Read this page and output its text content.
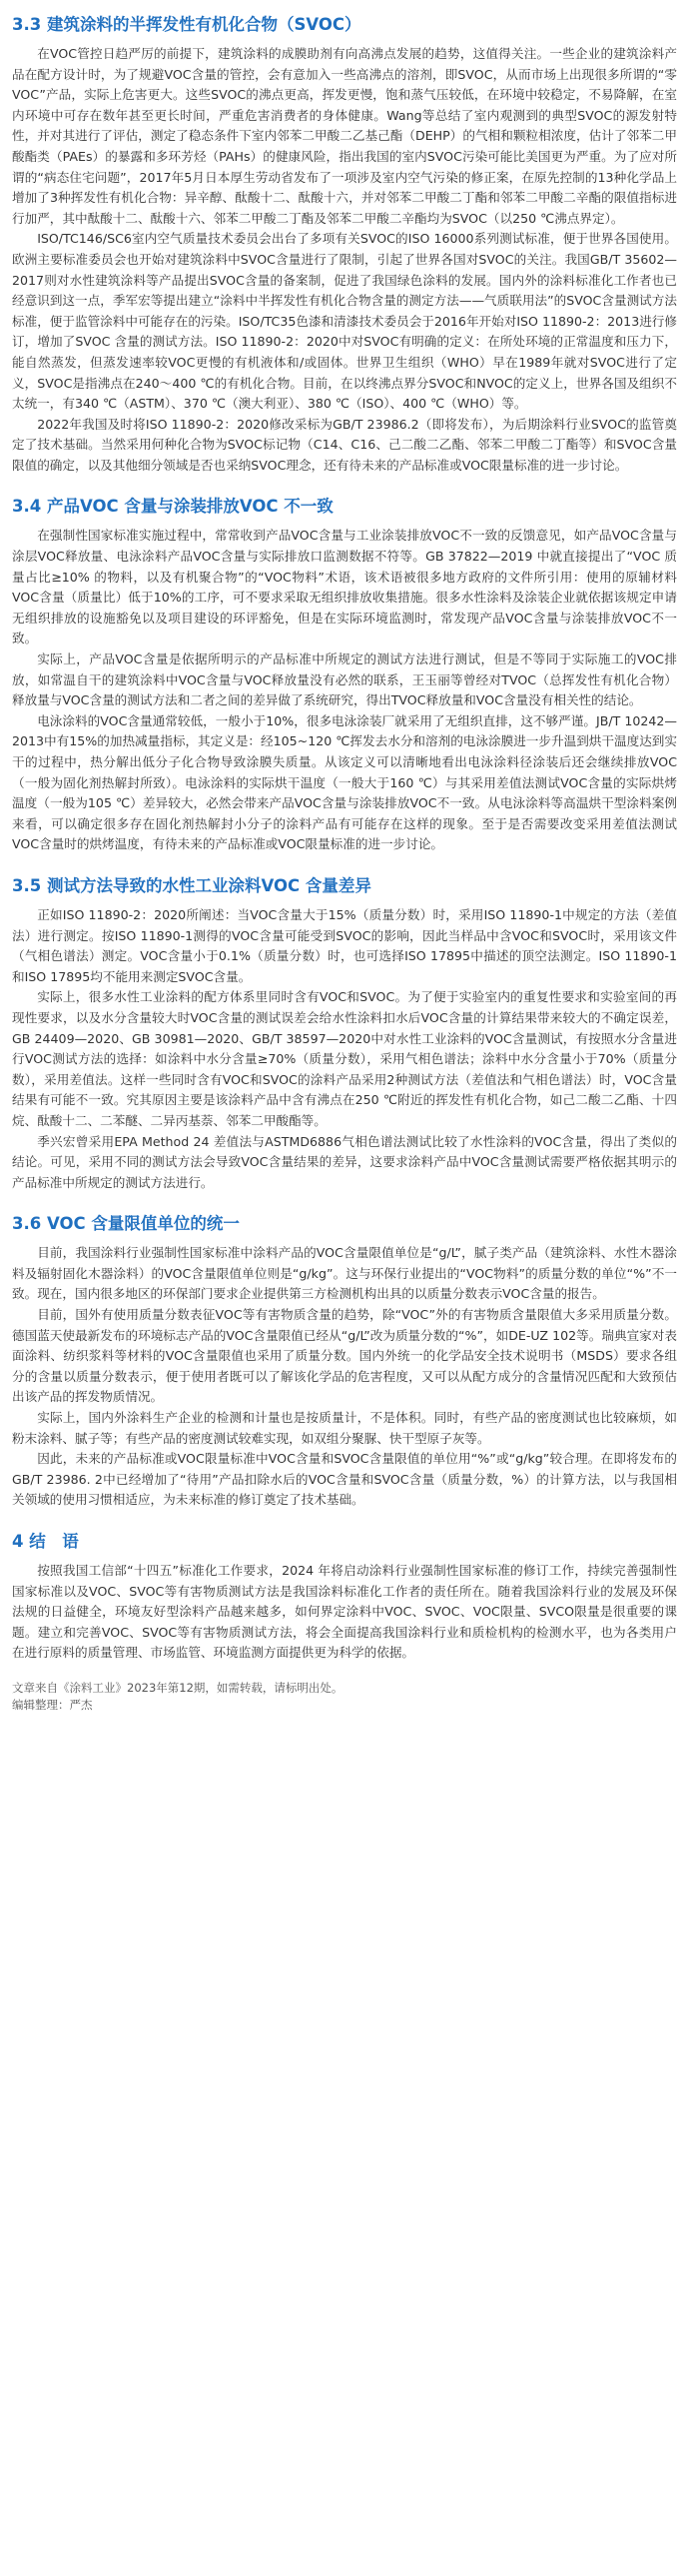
3.3 建筑涂料的半挥发性有机化合物（SVOC）

在VOC管控日趋严厉的前提下，建筑涂料的成膜助剂有向高沸点发展的趋势，这值得关注。一些企业的建筑涂料产品在配方设计时，为了规避VOC含量的管控，会有意加入一些高沸点的溶剂，即SVOC，从而市场上出现很多所谓的“零VOC”产品，实际上危害更大。这些SVOC的沸点更高，挥发更慢，饱和蒸气压较低，在环境中较稳定，不易降解，在室内环境中可存在数年甚至更长时间，严重危害消费者的身体健康。Wang等总结了室内观测到的典型SVOC的源发射特性，并对其进行了评估，测定了稳态条件下室内邻苯二甲酸二乙基己酯（DEHP）的气相和颗粒相浓度，估计了邻苯二甲酸酯类（PAEs）的暴露和多环芳烃（PAHs）的健康风险，指出我国的室内SVOC污染可能比美国更为严重。为了应对所谓的“病态住宅问题”，2017年5月日本厚生劳动省发布了一项涉及室内空气污染的修正案，在原先控制的13种化学品上增加了3种挥发性有机化合物：异辛醇、酞酸十二、酞酸十六，并对邻苯二甲酸二丁酯和邻苯二甲酸二辛酯的限值指标进行加严，其中酞酸十二、酞酸十六、邻苯二甲酸二丁酯及邻苯二甲酸二辛酯均为SVOC（以250 ℃沸点界定）。

ISO/TC146/SC6室内空气质量技术委员会出台了多项有关SVOC的ISO 16000系列测试标准，便于世界各国使用。欧洲主要标准委员会也开始对建筑涂料中SVOC含量进行了限制，引起了世界各国对SVOC的关注。我国GB/T 35602—2017则对水性建筑涂料等产品提出SVOC含量的备案制，促进了我国绿色涂料的发展。国内外的涂料标准化工作者也已经意识到这一点，季军宏等提出建立“涂料中半挥发性有机化合物含量的测定方法——气质联用法”的SVOC含量测试方法标准，便于监管涂料中可能存在的污染。ISO/TC35色漆和清漆技术委员会于2016年开始对ISO 11890-2：2013进行修订，增加了SVOC 含量的测试方法。ISO 11890-2：2020中对SVOC有明确的定义：在所处环境的正常温度和压力下，能自然蒸发，但蒸发速率较VOC更慢的有机液体和/或固体。世界卫生组织（WHO）早在1989年就对SVOC进行了定义，SVOC是指沸点在240～400 ℃的有机化合物。目前，在以终沸点界分SVOC和NVOC的定义上，世界各国及组织不太统一，有340 ℃（ASTM）、370 ℃（澳大利亚）、380 ℃（ISO）、400 ℃（WHO）等。

2022年我国及时将ISO 11890-2：2020修改采标为GB/T 23986.2（即将发布），为后期涂料行业SVOC的监管奠定了技术基础。当然采用何种化合物为SVOC标记物（C14、C16、己二酸二乙酯、邻苯二甲酸二丁酯等）和SVOC含量限值的确定，以及其他细分领域是否也采纳SVOC理念，还有待未来的产品标准或VOC限量标准的进一步讨论。

3.4 产品VOC 含量与涂装排放VOC 不一致

在强制性国家标准实施过程中，常常收到产品VOC含量与工业涂装排放VOC不一致的反馈意见，如产品VOC含量与涂层VOC释放量、电泳涂料产品VOC含量与实际排放口监测数据不符等。GB 37822—2019 中就直接提出了“VOC 质量占比≥10% 的物料，以及有机聚合物”的“VOC物料”术语，该术语被很多地方政府的文件所引用：使用的原辅材料VOC含量（质量比）低于10%的工序，可不要求采取无组织排放收集措施。很多水性涂料及涂装企业就依据该规定申请无组织排放的设施豁免以及项目建设的环评豁免，但是在实际环境监测时，常发现产品VOC含量与涂装排放VOC不一致。

实际上，产品VOC含量是依据所明示的产品标准中所规定的测试方法进行测试，但是不等同于实际施工的VOC排放，如常温自干的建筑涂料中VOC含量与VOC释放量没有必然的联系，王玉丽等曾经对TVOC（总挥发性有机化合物）释放量与VOC含量的测试方法和二者之间的差异做了系统研究，得出TVOC释放量和VOC含量没有相关性的结论。

电泳涂料的VOC含量通常较低，一般小于10%，很多电泳涂装厂就采用了无组织直排，这不够严谨。JB/T 10242—2013中有15%的加热减量指标，其定义是：经105~120 ℃挥发去水分和溶剂的电泳涂膜进一步升温到烘干温度达到实干的过程中，热分解出低分子化合物导致涂膜失质量。从该定义可以清晰地看出电泳涂料径涂装后还会继续排放VOC（一般为固化剂热解封所致）。电泳涂料的实际烘干温度（一般大于160 ℃）与其采用差值法测试VOC含量的实际烘烤温度（一般为105 ℃）差异较大，必然会带来产品VOC含量与涂装排放VOC不一致。从电泳涂料等高温烘干型涂料案例来看，可以确定很多存在固化剂热解封小分子的涂料产品有可能存在这样的现象。至于是否需要改变采用差值法测试VOC含量时的烘烤温度，有待未来的产品标准或VOC限量标准的进一步讨论。

3.5 测试方法导致的水性工业涂料VOC 含量差异

正如ISO 11890-2：2020所阐述：当VOC含量大于15%（质量分数）时，采用ISO 11890-1中规定的方法（差值法）进行测定。按ISO 11890-1测得的VOC含量可能受到SVOC的影响，因此当样品中含VOC和SVOC时，采用该文件（气相色谱法）测定。VOC含量小于0.1%（质量分数）时，也可选择ISO 17895中描述的顶空法测定。ISO 11890-1和ISO 17895均不能用来测定SVOC含量。

实际上，很多水性工业涂料的配方体系里同时含有VOC和SVOC。为了便于实验室内的重复性要求和实验室间的再现性要求，以及水分含量较大时VOC含量的测试误差会给水性涂料扣水后VOC含量的计算结果带来较大的不确定误差，GB 24409—2020、GB 30981—2020、GB/T 38597—2020中对水性工业涂料的VOC含量测试，有按照水分含量进行VOC测试方法的选择：如涂料中水分含量≥70%（质量分数），采用气相色谱法；涂料中水分含量小于70%（质量分数），采用差值法。这样一些同时含有VOC和SVOC的涂料产品采用2种测试方法（差值法和气相色谱法）时，VOC含量结果有可能不一致。究其原因主要是该涂料产品中含有沸点在250 ℃附近的挥发性有机化合物，如己二酸二乙酯、十四烷、酞酸十二、二苯醚、二异丙基萘、邻苯二甲酸酯等。

季兴宏曾采用EPA Method 24 差值法与ASTMD6886气相色谱法测试比较了水性涂料的VOC含量，得出了类似的结论。可见，采用不同的测试方法会导致VOC含量结果的差异，这要求涂料产品中VOC含量测试需要严格依据其明示的产品标准中所规定的测试方法进行。

3.6 VOC 含量限值单位的统一

目前，我国涂料行业强制性国家标准中涂料产品的VOC含量限值单位是“g/L”，腻子类产品（建筑涂料、水性木器涂料及辐射固化木器涂料）的VOC含量限值单位则是“g/kg”。这与环保行业提出的“VOC物料”的质量分数的单位“%”不一致。现在，国内很多地区的环保部门要求企业提供第三方检测机构出具的以质量分数表示VOC含量的报告。

目前，国外有使用质量分数表征VOC等有害物质含量的趋势，除“VOC”外的有害物质含量限值大多采用质量分数。德国蓝天使最新发布的环境标志产品的VOC含量限值已经从“g/L”改为质量分数的“%”，如DE-UZ 102等。瑞典宣家对表面涂料、纺织浆料等材料的VOC含量限值也采用了质量分数。国内外统一的化学品安全技术说明书（MSDS）要求各组分的含量以质量分数表示，便于使用者既可以了解该化学品的危害程度，又可以从配方成分的含量情况匹配和大致预估出该产品的挥发物质情况。

实际上，国内外涂料生产企业的检测和计量也是按质量计，不是体积。同时，有些产品的密度测试也比较麻烦，如粉末涂料、腻子等；有些产品的密度测试较难实现，如双组分聚脲、快干型原子灰等。

因此，未来的产品标准或VOC限量标准中VOC含量和SVOC含量限值的单位用“%”或“g/kg”较合理。在即将发布的GB/T 23986. 2中已经增加了“待用”产品扣除水后的VOC含量和SVOC含量（质量分数，%）的计算方法，以与我国相关领域的使用习惯相适应，为未来标准的修订奠定了技术基础。

4 结　语

按照我国工信部“十四五”标准化工作要求，2024 年将启动涂料行业强制性国家标准的修订工作，持续完善强制性国家标准以及VOC、SVOC等有害物质测试方法是我国涂料标准化工作者的责任所在。随着我国涂料行业的发展及环保法规的日益健全，环境友好型涂料产品越来越多，如何界定涂料中VOC、SVOC、VOC限量、SVCO限量是很重要的课题。建立和完善VOC、SVOC等有害物质测试方法，将会全面提高我国涂料行业和质检机构的检测水平，也为各类用户在进行原料的质量管理、市场监管、环境监测方面提供更为科学的依据。

文章来自《涂料工业》2023年第12期，如需转载，请标明出处。

编辑整理：严杰
